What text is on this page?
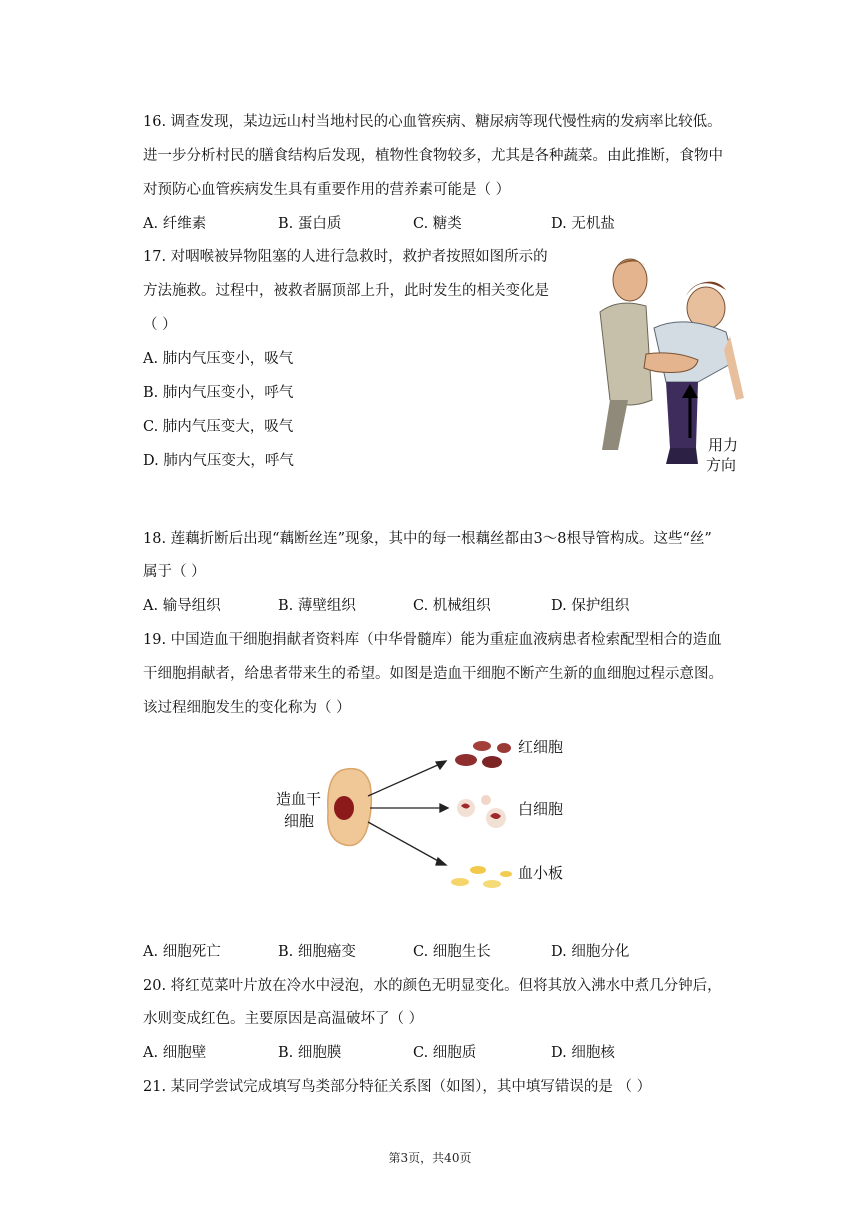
16. 调查发现，某边远山村当地村民的心血管疾病、糖尿病等现代慢性病的发病率比较低。
进一步分析村民的膳食结构后发现，植物性食物较多，尤其是各种蔬菜。由此推断，食物中
对预防心血管疾病发生具有重要作用的营养素可能是（ ）
A. 纤维素	B. 蛋白质	C. 糖类	D. 无机盐
17. 对咽喉被异物阻塞的人进行急救时，救护者按照如图所示的
方法施救。过程中，被救者膈顶部上升，此时发生的相关变化是
（ ）
A. 肺内气压变小，吸气
B. 肺内气压变小，呼气
C. 肺内气压变大，吸气
D. 肺内气压变大，呼气
用力
方向
18. 莲藕折断后出现“藕断丝连”现象，其中的每一根藕丝都由3～8根导管构成。这些“丝”
属于（ ）
A. 输导组织	B. 薄壁组织	C. 机械组织	D. 保护组织
19. 中国造血干细胞捐献者资料库（中华骨髓库）能为重症血液病患者检索配型相合的造血
干细胞捐献者，给患者带来生的希望。如图是造血干细胞不断产生新的血细胞过程示意图。
该过程细胞发生的变化称为（ ）
造血干
细胞
红细胞
白细胞
血小板
A. 细胞死亡	B. 细胞癌变	C. 细胞生长	D. 细胞分化
20. 将红苋菜叶片放在冷水中浸泡，水的颜色无明显变化。但将其放入沸水中煮几分钟后，
水则变成红色。主要原因是高温破坏了（ ）
A. 细胞壁	B. 细胞膜	C. 细胞质	D. 细胞核
21. 某同学尝试完成填写鸟类部分特征关系图（如图），其中填写错误的是 （ ）
第3页，共40页
